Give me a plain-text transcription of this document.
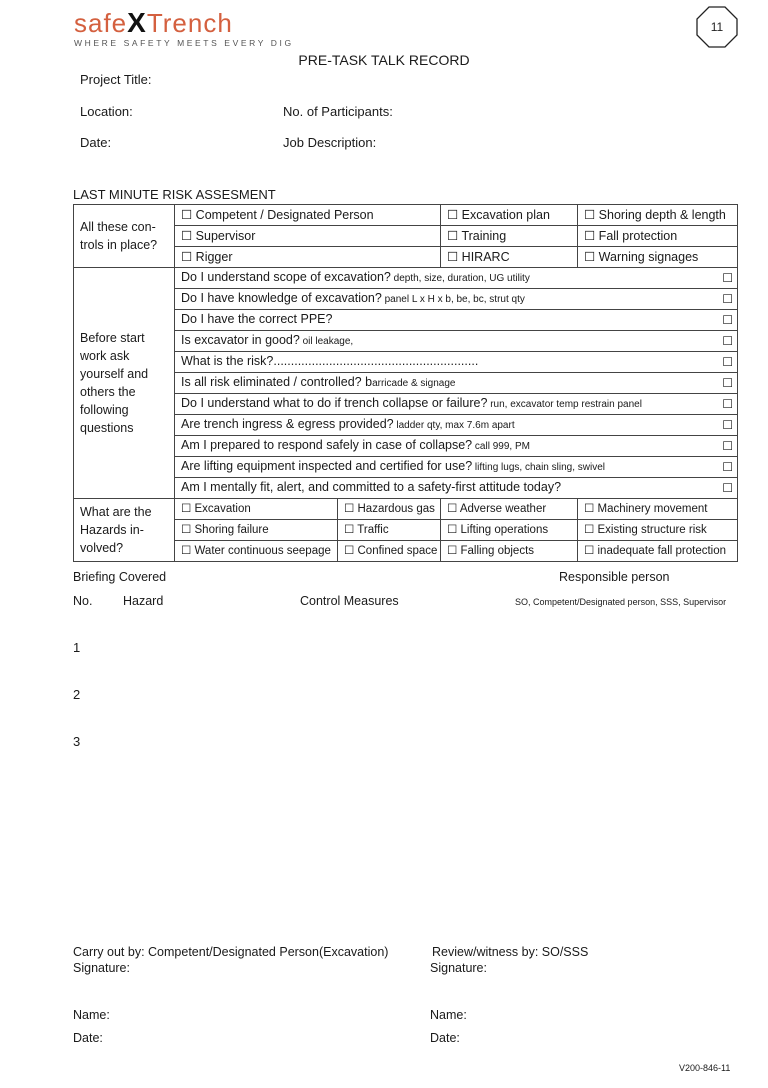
safeXTrench
WHERE SAFETY MEETS EVERY DIG
11
PRE-TASK TALK RECORD
Project Title:
Location:	No. of Participants:
Date:	Job Description:
LAST MINUTE RISK ASSESMENT
All these con-trols in place?	☐ Competent / Designated Person		☐ Excavation plan	☐ Shoring depth & length
	☐ Supervisor		☐ Training	☐ Fall protection
	☐ Rigger		☐ HIRARC	☐ Warning signages
Before start work ask yourself and others the following questions	Do I understand scope of excavation? depth, size, duration, UG utility ☐			

	Do I have knowledge of excavation? panel L x H x b, be, bc, strut qty ☐			

	Do I have the correct PPE? ☐			

	Is excavator in good? oil leakage, ☐			

	What is the risk?........................................................... ☐			

	Is all risk eliminated / controlled? barricade & signage ☐			

	Do I understand what to do if trench collapse or failure? run, excavator temp restrain panel ☐			

	Are trench ingress & egress provided? ladder qty, max 7.6m apart ☐			

	Am I prepared to respond safely in case of collapse? call 999, PM ☐			

	Are lifting equipment inspected and certified for use? lifting lugs, chain sling, swivel ☐			

	Am I mentally fit, alert, and committed to a safety-first attitude today? ☐			

What are the Hazards in-volved?	☐ Excavation	☐ Hazardous gas	☐ Adverse weather	☐ Machinery movement
	☐ Shoring failure	☐ Traffic	☐ Lifting operations	☐ Existing structure risk
	☐ Water continuous seepage	☐ Confined space	☐ Falling objects	☐ inadequate fall protection
Briefing Covered	Responsible person
No. Hazard	Control Measures	SO, Competent/Designated person, SSS, Supervisor
1
2
3
Carry out by: Competent/Designated Person(Excavation)	Review/witness by: SO/SSS
Signature:	Signature:
Name:	Name:
Date:	Date:
V200-846-11
